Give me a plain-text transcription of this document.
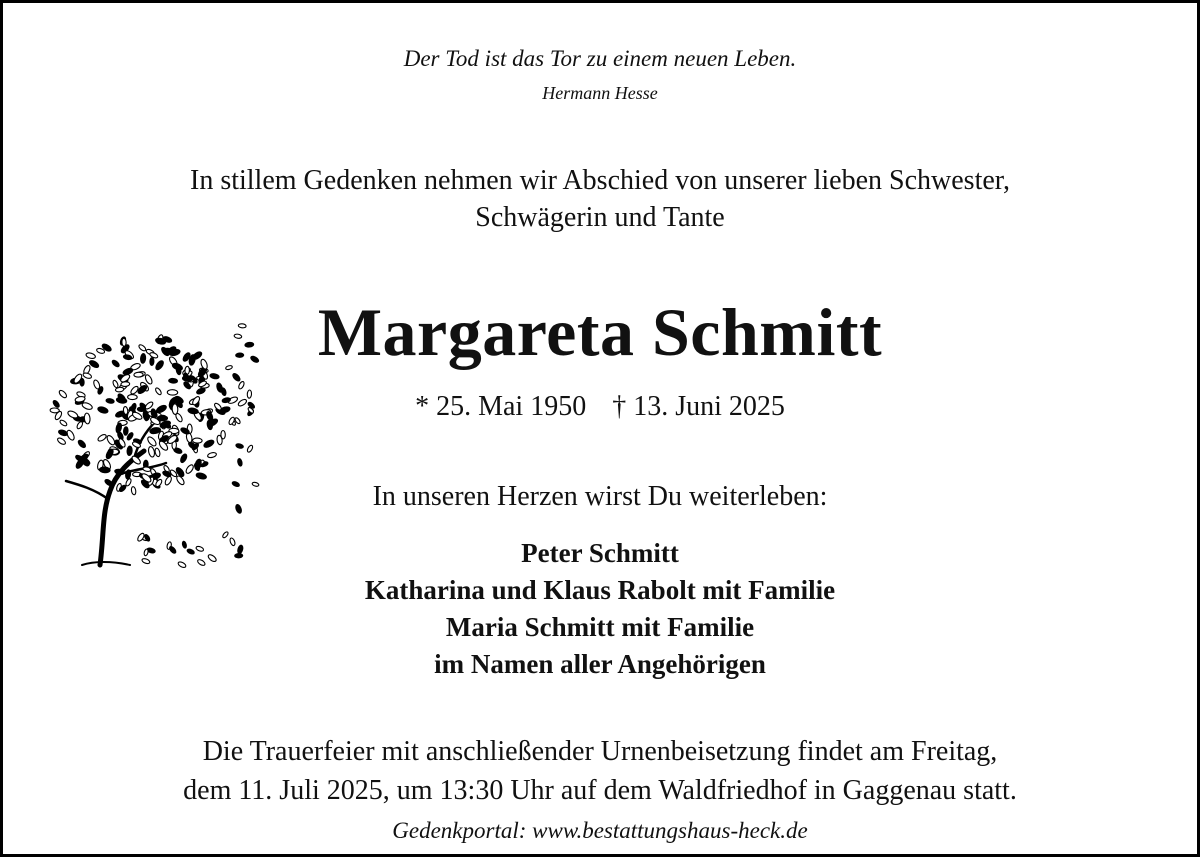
Der Tod ist das Tor zu einem neuen Leben.
Hermann Hesse
In stillem Gedenken nehmen wir Abschied von unserer lieben Schwester,
Schwägerin und Tante
Margareta Schmitt
* 25. Mai 1950 † 13. Juni 2025
In unseren Herzen wirst Du weiterleben:
Peter Schmitt
Katharina und Klaus Rabolt mit Familie
Maria Schmitt mit Familie
im Namen aller Angehörigen
Die Trauerfeier mit anschließender Urnenbeisetzung findet am Freitag,
dem 11. Juli 2025, um 13:30 Uhr auf dem Waldfriedhof in Gaggenau statt.
Gedenkportal: www.bestattungshaus-heck.de
